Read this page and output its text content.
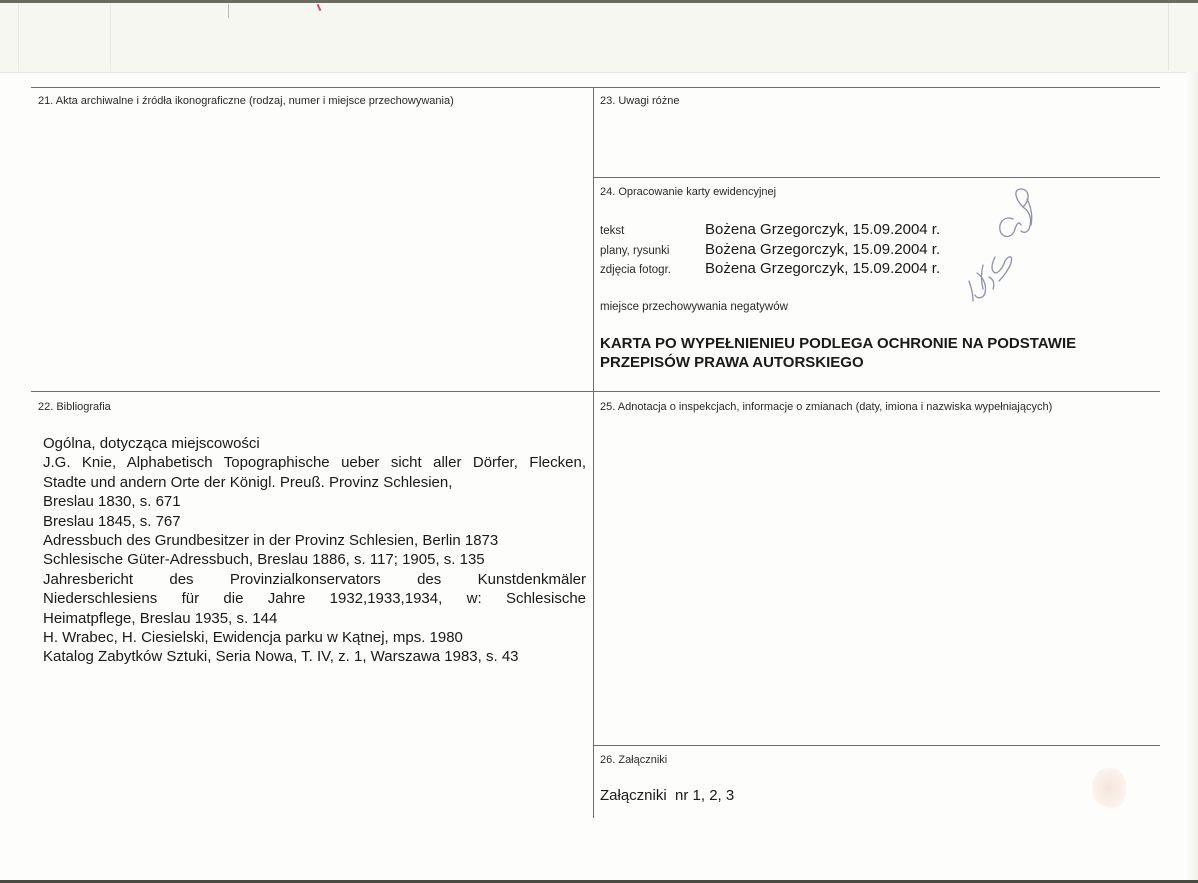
21. Akta archiwalne i źródła ikonograficzne (rodzaj, numer i miejsce przechowywania)	23. Uwagi różne
24. Opracowanie karty ewidencyjnej
tekst	Bożena Grzegorczyk, 15.09.2004 r.
plany, rysunki	Bożena Grzegorczyk, 15.09.2004 r.
zdjęcia fotogr.	Bożena Grzegorczyk, 15.09.2004 r.
miejsce przechowywania negatywów
KARTA PO WYPEŁNIENIEU PODLEGA OCHRONIE NA PODSTAWIE
PRZEPISÓW PRAWA AUTORSKIEGO
22. Bibliografia
Ogólna, dotycząca miejscowości
J.G. Knie, Alphabetisch Topographische ueber sicht aller Dörfer, Flecken,
Stadte und andern Orte der Königl. Preuß. Provinz Schlesien,
Breslau 1830, s. 671
Breslau 1845, s. 767
Adressbuch des Grundbesitzer in der Provinz Schlesien, Berlin 1873
Schlesische Güter-Adressbuch, Breslau 1886, s. 117; 1905, s. 135
Jahresbericht des Provinzialkonservators des Kunstdenkmäler
Niederschlesiens für die Jahre 1932,1933,1934, w: Schlesische
Heimatpflege, Breslau 1935, s. 144
H. Wrabec, H. Ciesielski, Ewidencja parku w Kątnej, mps. 1980
Katalog Zabytków Sztuki, Seria Nowa, T. IV, z. 1, Warszawa 1983, s. 43
25. Adnotacja o inspekcjach, informacje o zmianach (daty, imiona i nazwiska wypełniających)
26. Załączniki
Załączniki  nr 1, 2, 3
